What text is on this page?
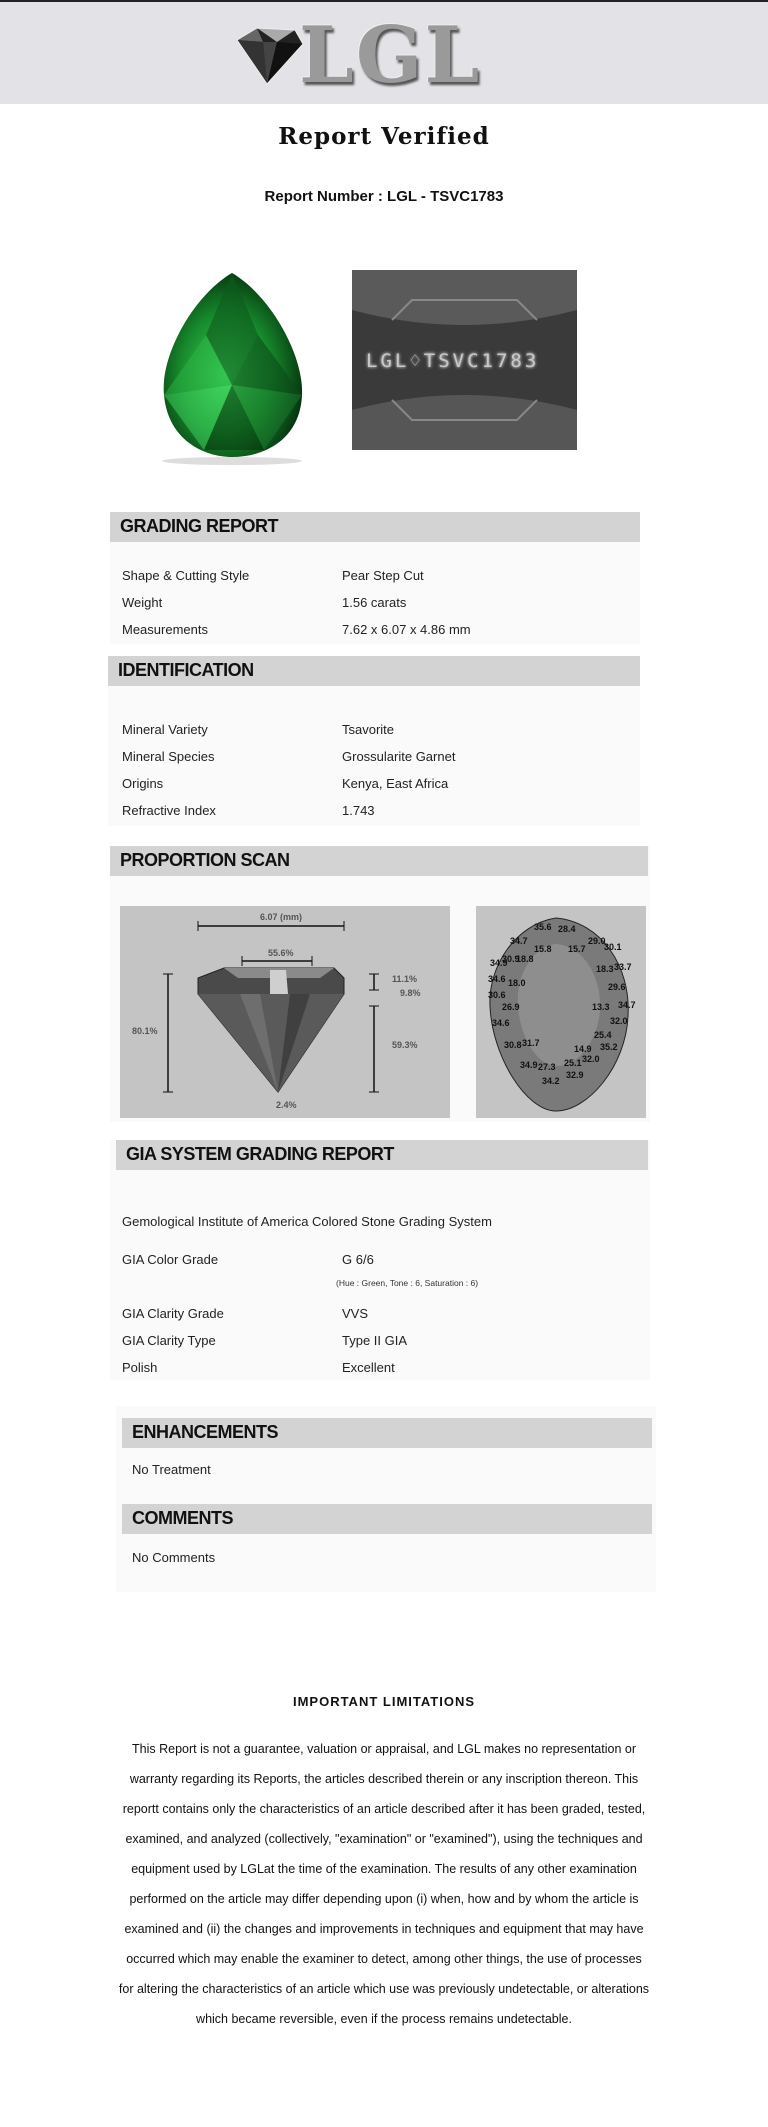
LGL
Report Verified
Report Number : LGL - TSVC1783
LGL♢TSVC1783
GRADING REPORT
Shape & Cutting Style	Pear Step Cut
Weight	1.56 carats
Measurements	7.62 x 6.07 x 4.86 mm
IDENTIFICATION
Mineral Variety	Tsavorite
Mineral Species	Grossularite Garnet
Origins	Kenya, East Africa
Refractive Index	1.743
PROPORTION SCAN
6.07 (mm)
55.6%
11.1%
9.8%
80.1%
59.3%
2.4%
35.6 28.4
34.7
15.8 15.7
29.0
30.1
34.9
30.9
18.8
18.3 33.7
34.6 18.0
30.6
29.6
26.9	13.3 34.7
34.6	32.0
25.4
30.8 31.7
14.9 35.2
34.9 27.3 25.1 32.0
34.2
32.9
GIA SYSTEM GRADING REPORT
Gemological Institute of America Colored Stone Grading System
GIA Color Grade	G 6/6
(Hue : Green, Tone : 6, Saturation : 6)
GIA Clarity Grade	VVS
GIA Clarity Type	Type II GIA
Polish	Excellent
ENHANCEMENTS
No Treatment
COMMENTS
No Comments
IMPORTANT LIMITATIONS
This Report is not a guarantee, valuation or appraisal, and LGL makes no representation or warranty regarding its Reports, the articles described therein or any inscription thereon. This reportt contains only the characteristics of an article described after it has been graded, tested, examined, and analyzed (collectively, "examination" or "examined"), using the techniques and equipment used by LGLat the time of the examination. The results of any other examination performed on the article may differ depending upon (i) when, how and by whom the article is examined and (ii) the changes and improvements in techniques and equipment that may have occurred which may enable the examiner to detect, among other things, the use of processes for altering the characteristics of an article which use was previously undetectable, or alterations which became reversible, even if the process remains undetectable.
